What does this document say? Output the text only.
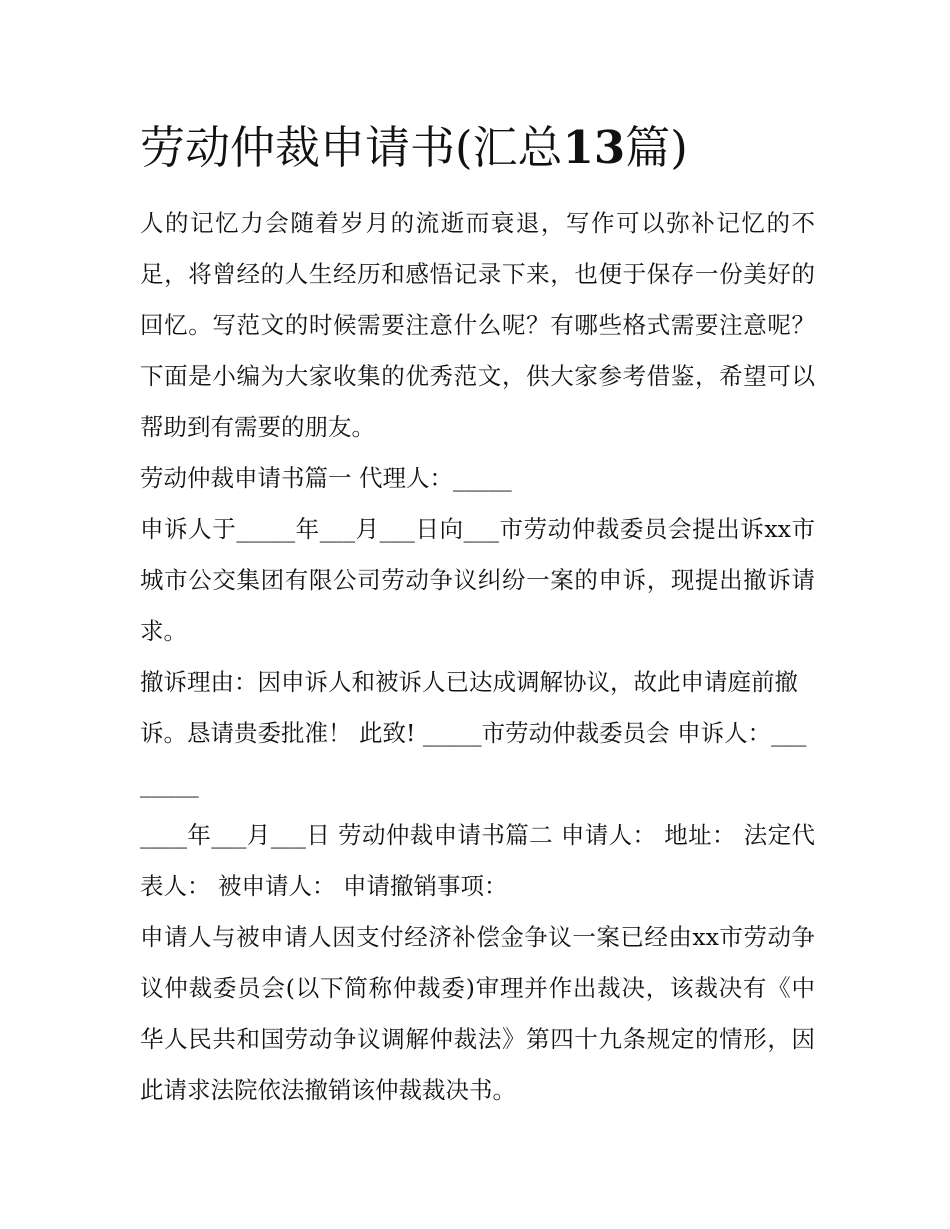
劳动仲裁申请书(汇总13篇)

人的记忆力会随着岁月的流逝而衰退，写作可以弥补记忆的不足，将曾经的人生经历和感悟记录下来，也便于保存一份美好的回忆。写范文的时候需要注意什么呢？有哪些格式需要注意呢？下面是小编为大家收集的优秀范文，供大家参考借鉴，希望可以帮助到有需要的朋友。

劳动仲裁申请书篇一 代理人：_____

申诉人于_____年___月___日向___市劳动仲裁委员会提出诉xx市城市公交集团有限公司劳动争议纠纷一案的申诉，现提出撤诉请求。

撤诉理由：因申诉人和被诉人已达成调解协议，故此申请庭前撤诉。恳请贵委批准！ 此致! _____市劳动仲裁委员会 申诉人：________

____年___月___日 劳动仲裁申请书篇二 申请人： 地址： 法定代表人： 被申请人： 申请撤销事项：

申请人与被申请人因支付经济补偿金争议一案已经由xx市劳动争议仲裁委员会(以下简称仲裁委)审理并作出裁决，该裁决有《中华人民共和国劳动争议调解仲裁法》第四十九条规定的情形，因此请求法院依法撤销该仲裁裁决书。
